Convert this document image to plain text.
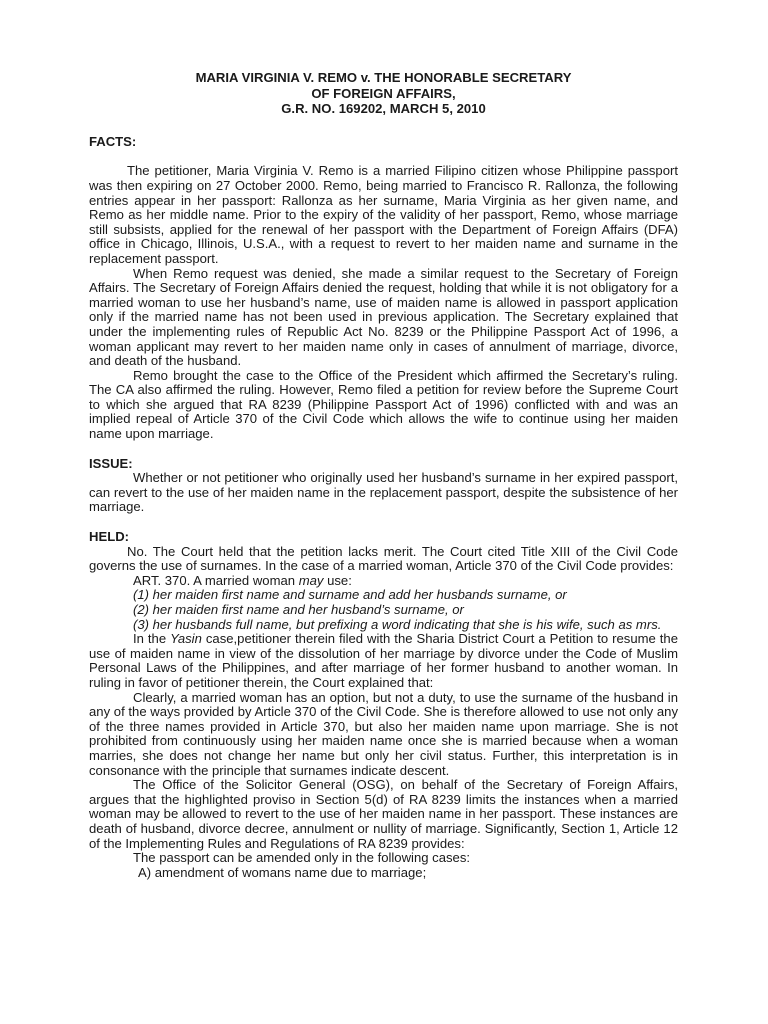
MARIA VIRGINIA V. REMO v. THE HONORABLE SECRETARY

OF FOREIGN AFFAIRS,

G.R. NO. 169202, MARCH 5, 2010

FACTS:

The petitioner, Maria Virginia V. Remo is a married Filipino citizen whose Philippine passport was then expiring on 27 October 2000. Remo, being married to Francisco R. Rallonza, the following entries appear in her passport: Rallonza as her surname, Maria Virginia as her given name, and Remo as her middle name. Prior to the expiry of the validity of her passport, Remo, whose marriage still subsists, applied for the renewal of her passport with the Department of Foreign Affairs (DFA) office in Chicago, Illinois, U.S.A., with a request to revert to her maiden name and surname in the replacement passport.

When Remo request was denied, she made a similar request to the Secretary of Foreign Affairs. The Secretary of Foreign Affairs denied the request, holding that while it is not obligatory for a married woman to use her husband’s name, use of maiden name is allowed in passport application only if the married name has not been used in previous application. The Secretary explained that under the implementing rules of Republic Act No. 8239 or the Philippine Passport Act of 1996, a woman applicant may revert to her maiden name only in cases of annulment of marriage, divorce, and death of the husband.

Remo brought the case to the Office of the President which affirmed the Secretary’s ruling. The CA also affirmed the ruling. However, Remo filed a petition for review before the Supreme Court to which she argued that RA 8239 (Philippine Passport Act of 1996) conflicted with and was an implied repeal of Article 370 of the Civil Code which allows the wife to continue using her maiden name upon marriage.

ISSUE:

Whether or not petitioner who originally used her husband’s surname in her expired passport, can revert to the use of her maiden name in the replacement passport, despite the subsistence of her marriage.

HELD:

No. The Court held that the petition lacks merit. The Court cited Title XIII of the Civil Code governs the use of surnames. In the case of a married woman, Article 370 of the Civil Code provides:

ART. 370. A married woman may use:

(1) her maiden first name and surname and add her husbands surname, or

(2) her maiden first name and her husband’s surname, or

(3) her husbands full name, but prefixing a word indicating that she is his wife, such as mrs.

In the Yasin case,petitioner therein filed with the Sharia District Court a Petition to resume the use of maiden name in view of the dissolution of her marriage by divorce under the Code of Muslim Personal Laws of the Philippines, and after marriage of her former husband to another woman. In ruling in favor of petitioner therein, the Court explained that:

Clearly, a married woman has an option, but not a duty, to use the surname of the husband in any of the ways provided by Article 370 of the Civil Code. She is therefore allowed to use not only any of the three names provided in Article 370, but also her maiden name upon marriage. She is not prohibited from continuously using her maiden name once she is married because when a woman marries, she does not change her name but only her civil status. Further, this interpretation is in consonance with the principle that surnames indicate descent.

The Office of the Solicitor General (OSG), on behalf of the Secretary of Foreign Affairs, argues that the highlighted proviso in Section 5(d) of RA 8239 limits the instances when a married woman may be allowed to revert to the use of her maiden name in her passport. These instances are death of husband, divorce decree, annulment or nullity of marriage. Significantly, Section 1, Article 12 of the Implementing Rules and Regulations of RA 8239 provides:

The passport can be amended only in the following cases:

A) amendment of womans name due to marriage;
